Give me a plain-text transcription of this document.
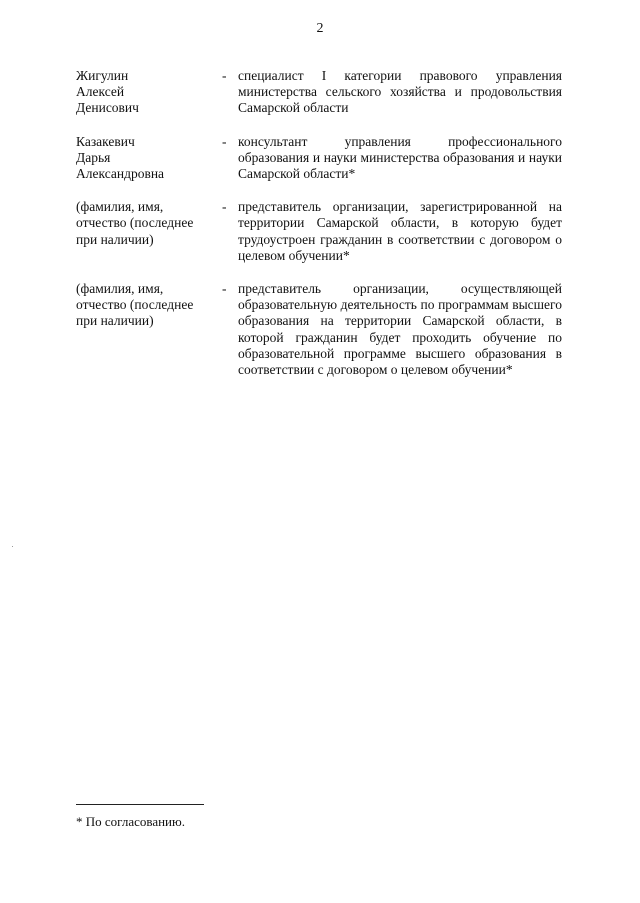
2
Жигулин
Алексей
Денисович
- специалист I категории правового управления министерства сельского хозяйства и продовольствия Самарской области
Казакевич
Дарья
Александровна
- консультант управления профессионального образования и науки министерства образования и науки Самарской области*
(фамилия, имя,
отчество (последнее
при наличии)
- представитель организации, зарегистрированной на территории Самарской области, в которую будет трудоустроен гражданин в соответствии с договором о целевом обучении*
(фамилия, имя,
отчество (последнее
при наличии)
- представитель организации, осуществляющей образовательную деятельность по программам высшего образования на территории Самарской области, в которой гражданин будет проходить обучение по образовательной программе высшего образования в соответствии с договором о целевом обучении*
* По согласованию.
